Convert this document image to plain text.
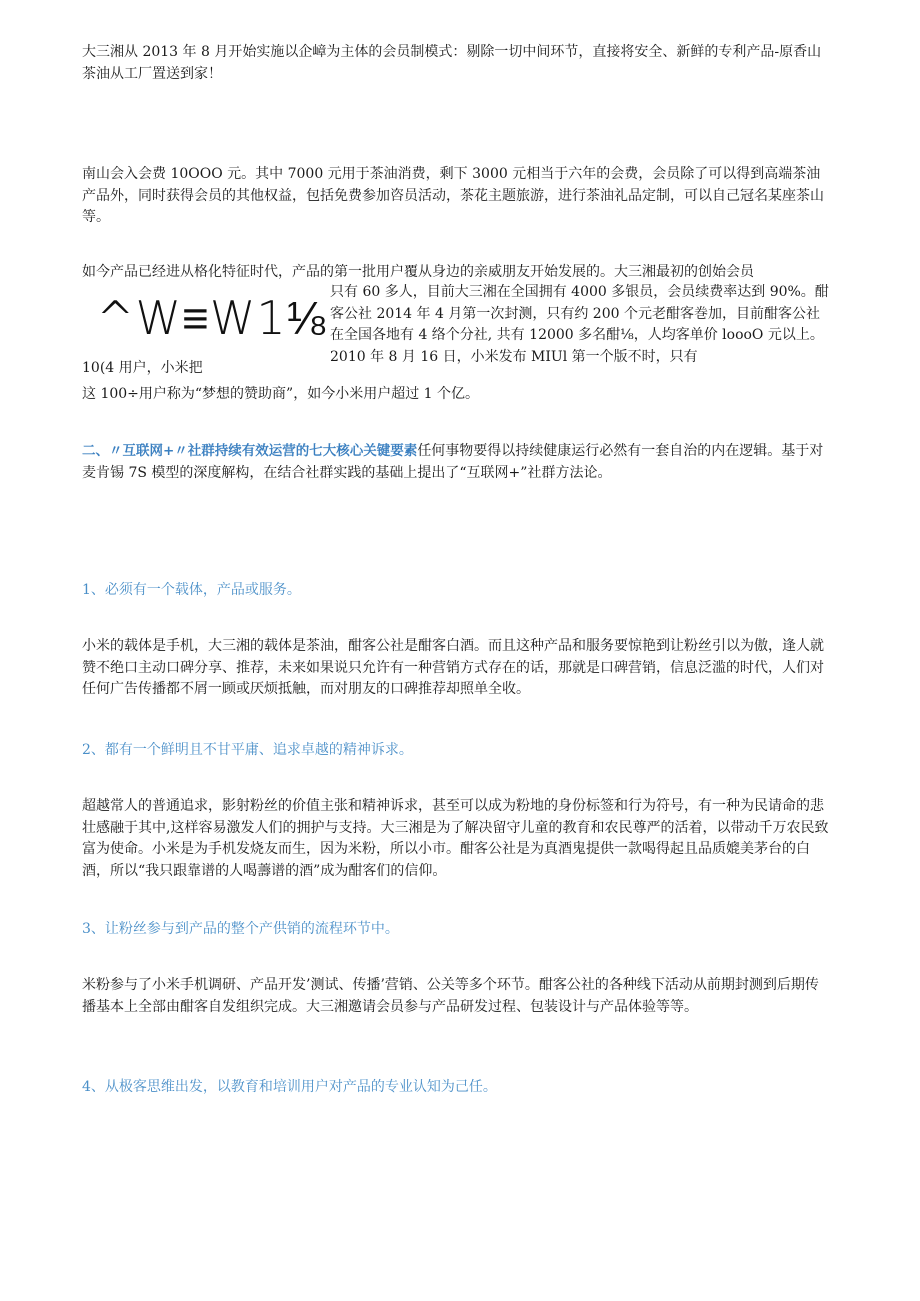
大三湘从 2013 年 8 月开始实施以企嶂为主体的会员制模式：剔除一切中间环节，直接将安全、新鲜的专利产品-原香山茶油从工厂置送到家！

南山会入会费 10OOO 元。其中 7000 元用于茶油消费，剩下 3000 元相当于六年的会费，会员除了可以得到高端茶油产品外，同时获得会员的其他权益，包括免费参加咨员活动，茶花主题旅游，进行茶油礼品定制，可以自己冠名某座茶山等。

如今产品已经进从格化特征时代，产品的第一批用户覆从身边的亲威朋友开始发展的。大三湘最初的创始会员

^W≡W1⅛ 只有 60 多人，目前大三湘在全国拥有 4000 多银员，会员续费率达到 90%。酣客公社 2014 年 4 月第一次封测，只有约 200 个元老酣客巻加，目前酣客公社在全国各地有 4 络个分社, 共有 12000 多名酣⅛，人均客单价 loooO 元以上。2010 年 8 月 16 日，小米发布 MIUl 第一个版不时，只有

10(4 用户，小米把

这 100÷用户称为“梦想的赞助商”，如今小米用户超过 1 个亿。

二、〃互联网+〃社群持续有效运营的七大核心关键要素任何事物要得以持续健康运行必然有一套自治的内在逻辑。基于对麦肯锡 7S 模型的深度解构，在结合社群实践的基础上提出了“互联网+”社群方法论。

1、必须有一个载体，产品或服务。

小米的载体是手机，大三湘的载体是茶油，酣客公社是酣客白酒。而且这种产品和服务要惊艳到让粉丝引以为傲，逢人就赞不绝口主动口碑分享、推荐，未来如果说只允许有一种营销方式存在的话，那就是口碑营销，信息泛滥的时代，人们对任何广告传播都不屑一顾或厌烦抵触，而对朋友的口碑推荐却照单全收。

2、都有一个鲜明且不甘平庸、追求卓越的精神诉求。

超越常人的普通追求，影射粉丝的价值主张和精神诉求，甚至可以成为粉地的身份标签和行为符号，有一种为民请命的悲壮感融于其中,这样容易激发人们的拥护与支持。大三湘是为了解决留守儿童的教育和农民尊严的活着，以带动千万农民致富为使命。小米是为手机发烧友而生，因为米粉，所以小市。酣客公社是为真酒鬼提供一款喝得起且品质媲美茅台的白酒，所以“我只跟靠谱的人喝薵谱的酒”成为酣客们的信仰。

3、让粉丝参与到产品的整个产供销的流程环节中。

米粉参与了小米手机调研、产品开发’测试、传播’营销、公关等多个环节。酣客公社的各种线下活动从前期封测到后期传播基本上全部由酣客自发组织完成。大三湘邀请会员参与产品研发过程、包装设计与产品体验等等。

4、从极客思维出发，以教育和培训用户对产品的专业认知为己任。
